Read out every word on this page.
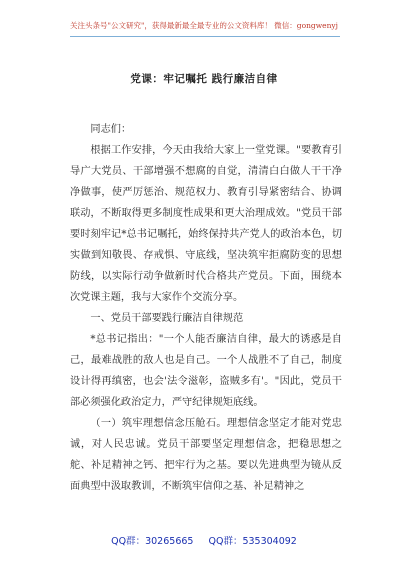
关注头条号"公文研究"，获得最新最全最专业的公文资料库！ 微信：gongwenyj
党课：牢记嘱托 践行廉洁自律

同志们：

根据工作安排，今天由我给大家上一堂党课。"要教育引导广大党员、干部增强不想腐的自觉，清清白白做人干干净净做事，使严厉惩治、规范权力、教育引导紧密结合、协调联动，不断取得更多制度性成果和更大治理成效。"党员干部要时刻牢记*总书记嘱托，始终保持共产党人的政治本色，切实做到知敬畏、存戒惧、守底线，坚决筑牢拒腐防变的思想防线，以实际行动争做新时代合格共产党员。下面，围绕本次党课主题，我与大家作个交流分享。

一、党员干部要践行廉洁自律规范

*总书记指出："一个人能否廉洁自律，最大的诱惑是自己，最难战胜的敌人也是自己。一个人战胜不了自己，制度设计得再缜密，也会'法令滋彰，盗贼多有'。"因此，党员干部必须强化政治定力，严守纪律规矩底线。

（一）筑牢理想信念压舱石。理想信念坚定才能对党忠诚，对人民忠诚。党员干部要坚定理想信念，把稳思想之舵、补足精神之钙、把牢行为之基。要以先进典型为镜从反面典型中汲取教训，不断筑牢信仰之基、补足精神之

QQ群：30265665 QQ群：535304092
